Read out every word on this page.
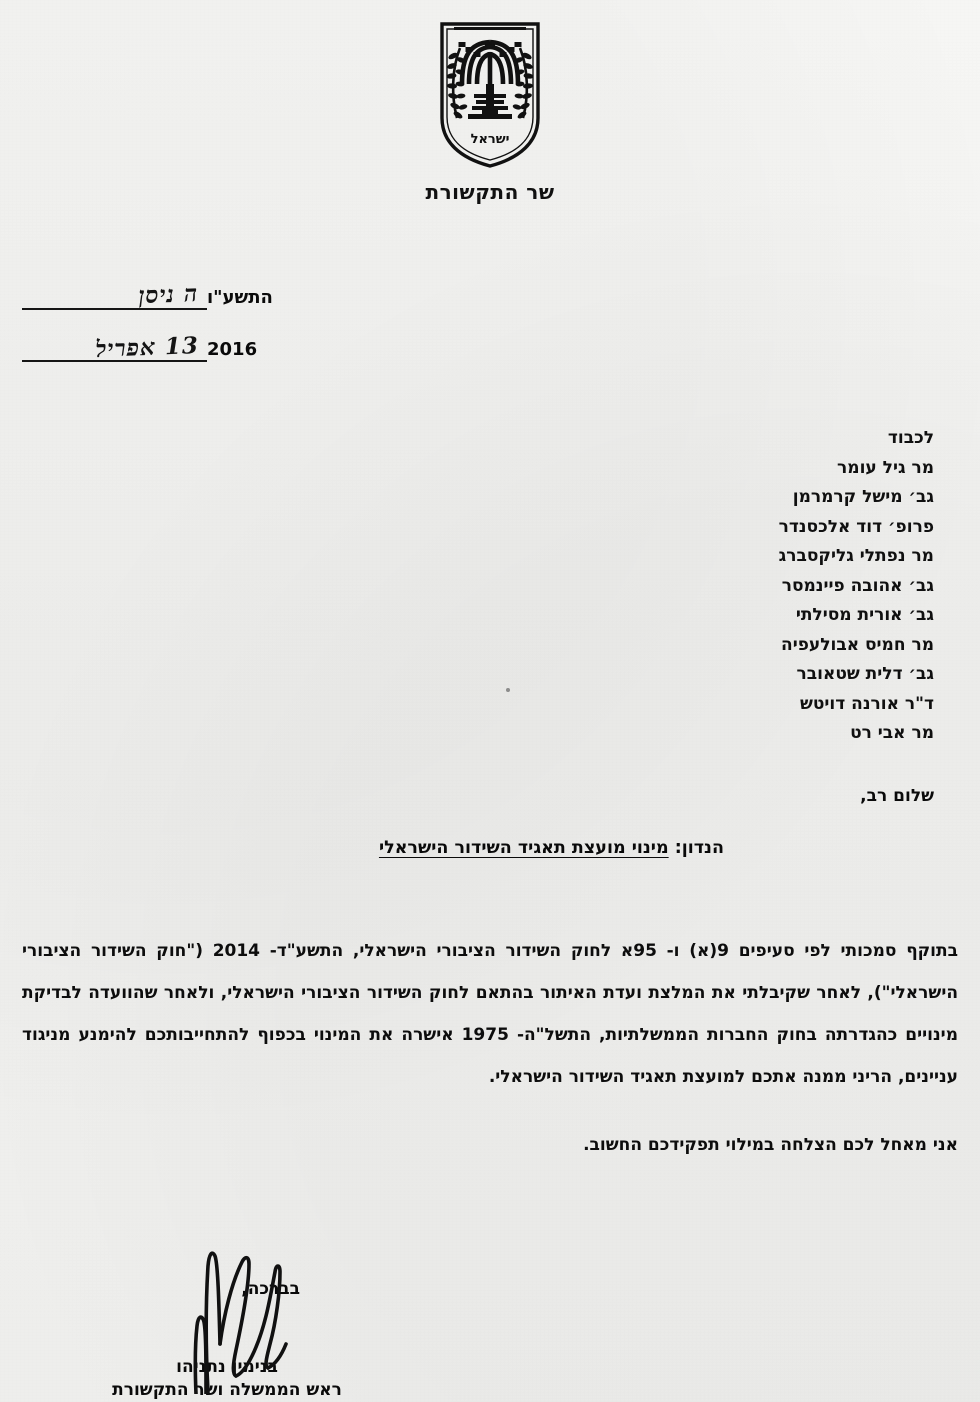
ישראל
שר התקשורת
ה ניסן התשע"ו
13 אפריל 2016
לכבוד
מר גיל עומר
גב׳ מישל קרמרמן
פרופ׳ דוד אלכסנדר
מר נפתלי גליקסברג
גב׳ אהובה פיינמסר
גב׳ אורית מסילתי
מר חמיס אבולעפיה
גב׳ דלית שטאובר
ד"ר אורנה דויטש
מר אבי רט
שלום רב,
הנדון: מינוי מועצת תאגיד השידור הישראלי

בתוקף סמכותי לפי סעיפים 9(א) ו- 95א לחוק השידור הציבורי הישראלי, התשע"ד- 2014 ("חוק השידור הציבורי הישראלי"), לאחר שקיבלתי את המלצת ועדת האיתור בהתאם לחוק השידור הציבורי הישראלי, ולאחר שהוועדה לבדיקת מינויים כהגדרתה בחוק החברות הממשלתיות, התשל"ה- 1975 אישרה את המינוי בכפוף להתחייבותכם להימנע מניגוד עניינים, הריני ממנה אתכם למועצת תאגיד השידור הישראלי.

אני מאחל לכם הצלחה במילוי תפקידכם החשוב.

בברכה,
בנימין נתניהו
ראש הממשלה ושר התקשורת
